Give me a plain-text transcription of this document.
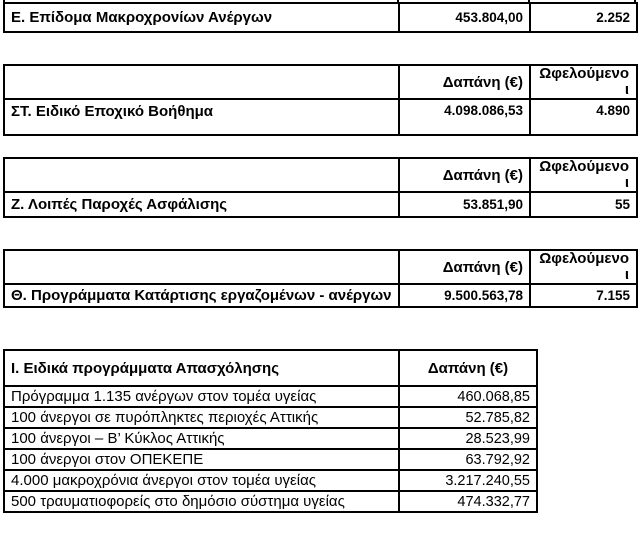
Ε. Επίδομα Μακροχρονίων Ανέργων	453.804,00	2.252
	Δαπάνη (€)	Ωφελούμενοι
ΣΤ. Ειδικό Εποχικό Βοήθημα	4.098.086,53	4.890
	Δαπάνη (€)	Ωφελούμενοι
Ζ. Λοιπές Παροχές Ασφάλισης	53.851,90	55
	Δαπάνη (€)	Ωφελούμενοι
Θ. Προγράμματα Κατάρτισης εργαζομένων - ανέργων	9.500.563,78	7.155
Ι. Ειδικά προγράμματα Απασχόλησης	Δαπάνη (€)
Πρόγραμμα 1.135 ανέργων στον τομέα υγείας	460.068,85
100 άνεργοι σε πυρόπληκτες περιοχές Αττικής	52.785,82
100 άνεργοι – Β’ Κύκλος Αττικής	28.523,99
100 άνεργοι στον ΟΠΕΚΕΠΕ	63.792,92
4.000 μακροχρόνια άνεργοι στον τομέα υγείας	3.217.240,55
500 τραυματιοφορείς στο δημόσιο σύστημα υγείας	474.332,77
